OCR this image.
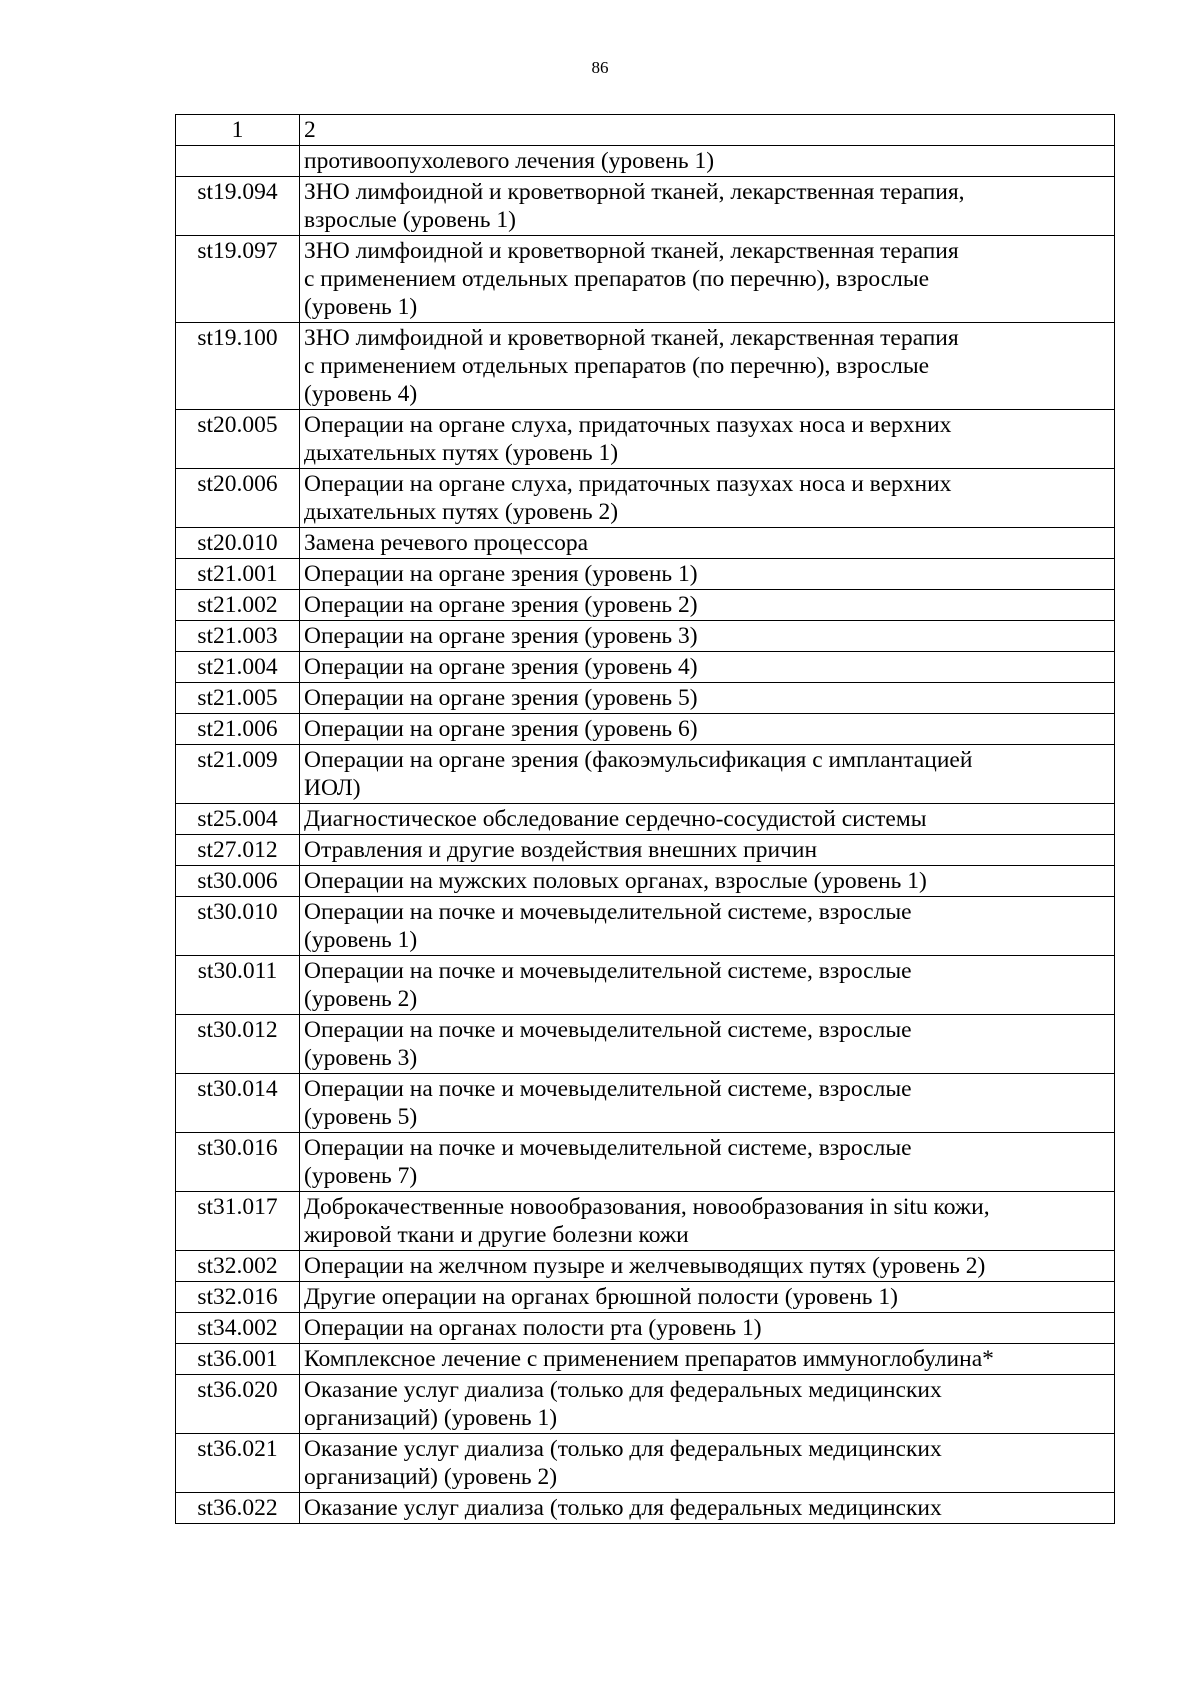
86
1	2
	противоопухолевого лечения (уровень 1)
st19.094	ЗНО лимфоидной и кроветворной тканей, лекарственная терапия,
взрослые (уровень 1)
st19.097	ЗНО лимфоидной и кроветворной тканей, лекарственная терапия
с применением отдельных препаратов (по перечню), взрослые
(уровень 1)
st19.100	ЗНО лимфоидной и кроветворной тканей, лекарственная терапия
с применением отдельных препаратов (по перечню), взрослые
(уровень 4)
st20.005	Операции на органе слуха, придаточных пазухах носа и верхних
дыхательных путях (уровень 1)
st20.006	Операции на органе слуха, придаточных пазухах носа и верхних
дыхательных путях (уровень 2)
st20.010	Замена речевого процессора
st21.001	Операции на органе зрения (уровень 1)
st21.002	Операции на органе зрения (уровень 2)
st21.003	Операции на органе зрения (уровень 3)
st21.004	Операции на органе зрения (уровень 4)
st21.005	Операции на органе зрения (уровень 5)
st21.006	Операции на органе зрения (уровень 6)
st21.009	Операции на органе зрения (факоэмульсификация с имплантацией
ИОЛ)
st25.004	Диагностическое обследование сердечно-сосудистой системы
st27.012	Отравления и другие воздействия внешних причин
st30.006	Операции на мужских половых органах, взрослые (уровень 1)
st30.010	Операции на почке и мочевыделительной системе, взрослые
(уровень 1)
st30.011	Операции на почке и мочевыделительной системе, взрослые
(уровень 2)
st30.012	Операции на почке и мочевыделительной системе, взрослые
(уровень 3)
st30.014	Операции на почке и мочевыделительной системе, взрослые
(уровень 5)
st30.016	Операции на почке и мочевыделительной системе, взрослые
(уровень 7)
st31.017	Доброкачественные новообразования, новообразования in situ кожи,
жировой ткани и другие болезни кожи
st32.002	Операции на желчном пузыре и желчевыводящих путях (уровень 2)
st32.016	Другие операции на органах брюшной полости (уровень 1)
st34.002	Операции на органах полости рта (уровень 1)
st36.001	Комплексное лечение с применением препаратов иммуноглобулина*
st36.020	Оказание услуг диализа (только для федеральных медицинских
организаций) (уровень 1)
st36.021	Оказание услуг диализа (только для федеральных медицинских
организаций) (уровень 2)
st36.022	Оказание услуг диализа (только для федеральных медицинских
